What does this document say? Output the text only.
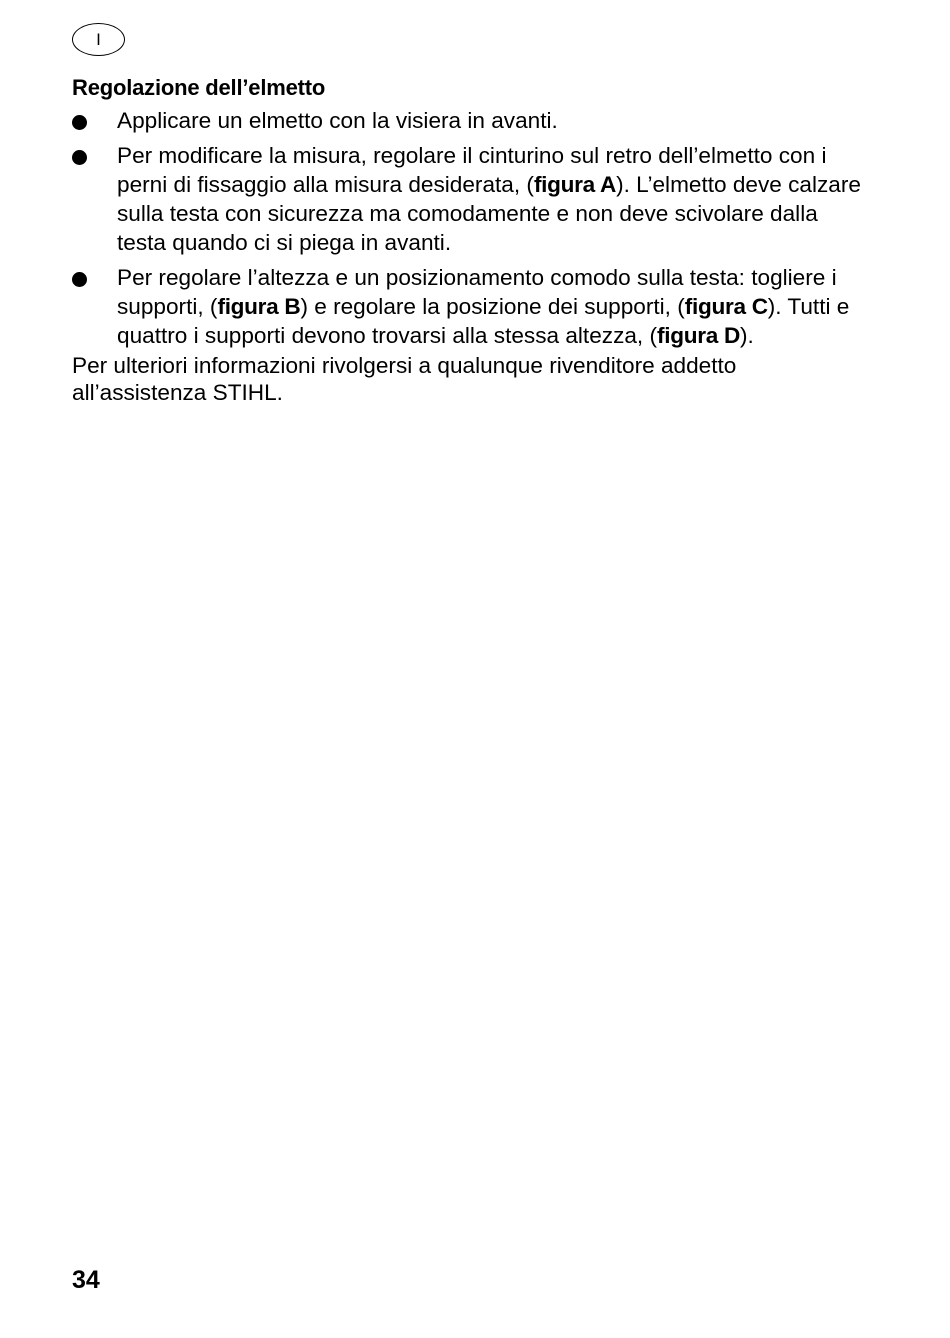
I
Regolazione dell’elmetto
Applicare un elmetto con la visiera in avanti.
Per modificare la misura, regolare il cinturino sul retro dell’elmetto con i perni di fissaggio alla misura desiderata, (figura A). L’elmetto deve calzare sulla testa con sicurezza ma comodamente e non deve scivolare dalla testa quando ci si piega in avanti.
Per regolare l’altezza e un posizionamento comodo sulla testa: togliere i supporti, (figura B) e regolare la posizione dei supporti, (figura C). Tutti e quattro i supporti devono trovarsi alla stessa altezza, (figura D).

Per ulteriori informazioni rivolgersi a qualunque rivenditore addetto all’assistenza STIHL.

34
